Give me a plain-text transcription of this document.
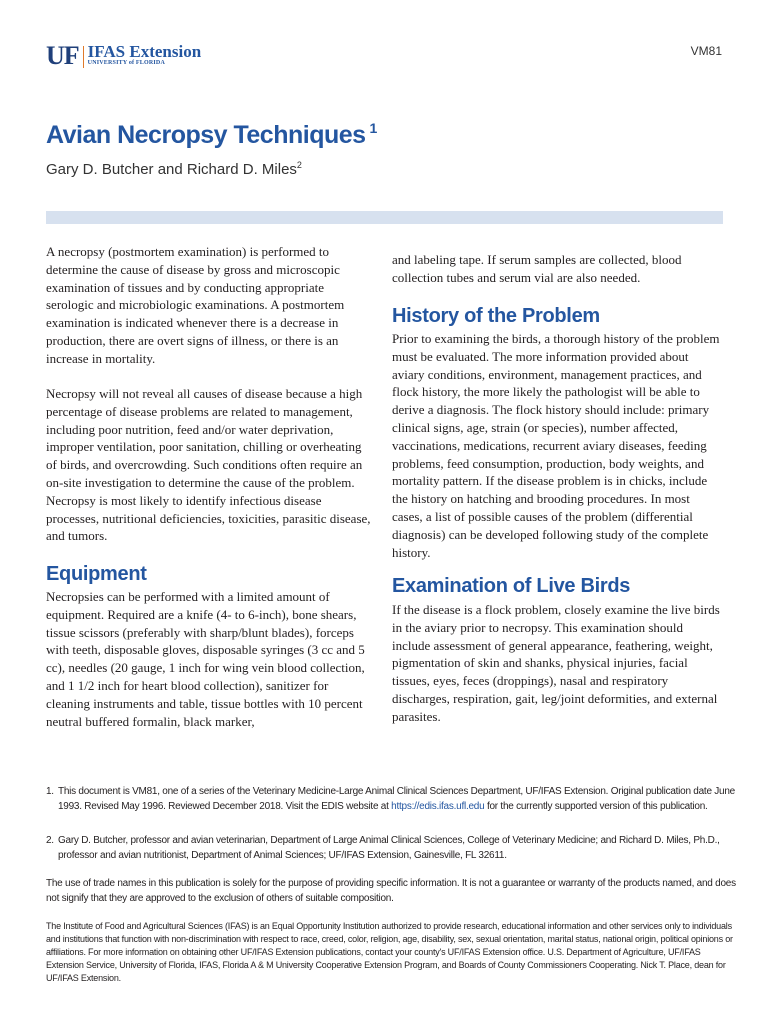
UF IFAS Extension
UNIVERSITY of FLORIDA
VM81
Avian Necropsy Techniques $^1$
Gary D. Butcher and Richard D. Miles$^2$

A necropsy (postmortem examination) is performed to determine the cause of disease by gross and microscopic examination of tissues and by conducting appropriate serologic and microbiologic examinations. A postmortem examination is indicated whenever there is a decrease in production, there are overt signs of illness, or there is an increase in mortality.

Necropsy will not reveal all causes of disease because a high percentage of disease problems are related to management, including poor nutrition, feed and/or water deprivation, improper ventilation, poor sanitation, chilling or overheating of birds, and overcrowding. Such conditions often require an on-site investigation to determine the cause of the problem. Necropsy is most likely to identify infectious disease processes, nutritional deficiencies, toxicities, parasitic disease, and tumors.

Equipment

Necropsies can be performed with a limited amount of equipment. Required are a knife (4- to 6-inch), bone shears, tissue scissors (preferably with sharp/blunt blades), forceps with teeth, disposable gloves, disposable syringes (3 cc and 5 cc), needles (20 gauge, 1 inch for wing vein blood collection, and 1 1/2 inch for heart blood collection), sanitizer for cleaning instruments and table, tissue bottles with 10 percent neutral buffered formalin, black marker,

and labeling tape. If serum samples are collected, blood collection tubes and serum vial are also needed.

History of the Problem

Prior to examining the birds, a thorough history of the problem must be evaluated. The more information provided about aviary conditions, environment, management practices, and flock history, the more likely the pathologist will be able to derive a diagnosis. The flock history should include: primary clinical signs, age, strain (or species), number affected, vaccinations, medications, recurrent aviary diseases, feeding problems, feed consumption, production, body weights, and mortality pattern. If the disease problem is in chicks, include the history on hatching and brooding procedures. In most cases, a list of possible causes of the problem (differential diagnosis) can be developed following study of the complete history.

Examination of Live Birds

If the disease is a flock problem, closely examine the live birds in the aviary prior to necropsy. This examination should include assessment of general appearance, feathering, weight, pigmentation of skin and shanks, physical injuries, facial tissues, eyes, feces (droppings), nasal and respiratory discharges, respiration, gait, leg/joint deformities, and external parasites.

1. This document is VM81, one of a series of the Veterinary Medicine-Large Animal Clinical Sciences Department, UF/IFAS Extension. Original publication date June 1993. Revised May 1996. Reviewed December 2018. Visit the EDIS website at https://edis.ifas.ufl.edu for the currently supported version of this publication.
2. Gary D. Butcher, professor and avian veterinarian, Department of Large Animal Clinical Sciences, College of Veterinary Medicine; and Richard D. Miles, Ph.D., professor and avian nutritionist, Department of Animal Sciences; UF/IFAS Extension, Gainesville, FL 32611.
The use of trade names in this publication is solely for the purpose of providing specific information. It is not a guarantee or warranty of the products named, and does not signify that they are approved to the exclusion of others of suitable composition.
The Institute of Food and Agricultural Sciences (IFAS) is an Equal Opportunity Institution authorized to provide research, educational information and other services only to individuals and institutions that function with non-discrimination with respect to race, creed, color, religion, age, disability, sex, sexual orientation, marital status, national origin, political opinions or affiliations. For more information on obtaining other UF/IFAS Extension publications, contact your county's UF/IFAS Extension office. U.S. Department of Agriculture, UF/IFAS Extension Service, University of Florida, IFAS, Florida A & M University Cooperative Extension Program, and Boards of County Commissioners Cooperating. Nick T. Place, dean for UF/IFAS Extension.
